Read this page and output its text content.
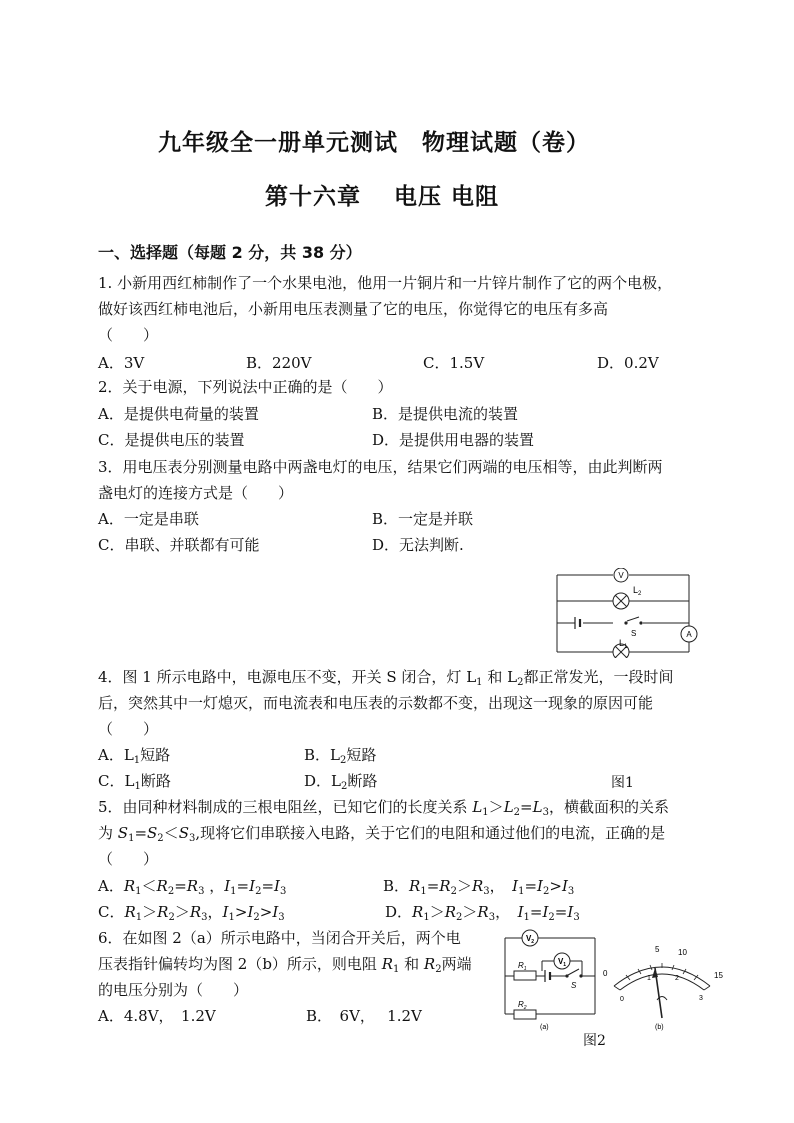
九年级全一册单元测试　物理试题（卷）
第十六章　 电压 电阻
一、选择题（每题 2 分，共 38 分）
1. 小新用西红柿制作了一个水果电池，他用一片铜片和一片锌片制作了它的两个电极，
做好该西红柿电池后，小新用电压表测量了它的电压，你觉得它的电压有多高
（　　）
A．3V	B．220V	C．1.5V	D．0.2V
2．关于电源，下列说法中正确的是（　　）
A．是提供电荷量的装置	B．是提供电流的装置
C．是提供电压的装置	D．是提供用电器的装置
3．用电压表分别测量电路中两盏电灯的电压，结果它们两端的电压相等，由此判断两
盏电灯的连接方式是（　　）
A．一定是串联	B．一定是并联
C．串联、并联都有可能	D．无法判断.
V
A
$L_2$
$L_1$
S
4．图 1 所示电路中，电源电压不变，开关 S 闭合，灯 $L_1$ 和 $L_2$都正常发光，一段时间
后，突然其中一灯熄灭，而电流表和电压表的示数都不变，出现这一现象的原因可能
（　　）
A．$L_1$短路	B．$L_2$短路
C．$L_1$断路	D．$L_2$断路	图1
5．由同种材料制成的三根电阻丝，已知它们的长度关系 $L_1>L_2=L_3$，横截面积的关系
为 $S_1=S_2<S_3$,现将它们串联接入电路，关于它们的电阻和通过他们的电流，正确的是
（　　）
A．$R_1<R_2=R_3$ ，$I_1=I_2=I_3$	B．$R_1=R_2>R_3$，　$I_1=I_2>I_3$
C．$R_1>R_2>R_3$，$I_1>I_2>I_3$	D．$R_1>R_2>R_3$，　$I_1=I_2=I_3$
6．在如图 2（a）所示电路中，当闭合开关后，两个电
压表指针偏转均为图 2（b）所示，则电阻 $R_1$ 和 $R_2$两端
的电压分别为（　　）
A．4.8V，　1.2V	B．　6V，　 1.2V
$V_2$
$V_1$
$R_1$
$R_2$
S
(a)
5 10
0	15
0
1	2
3
(b)
图2
